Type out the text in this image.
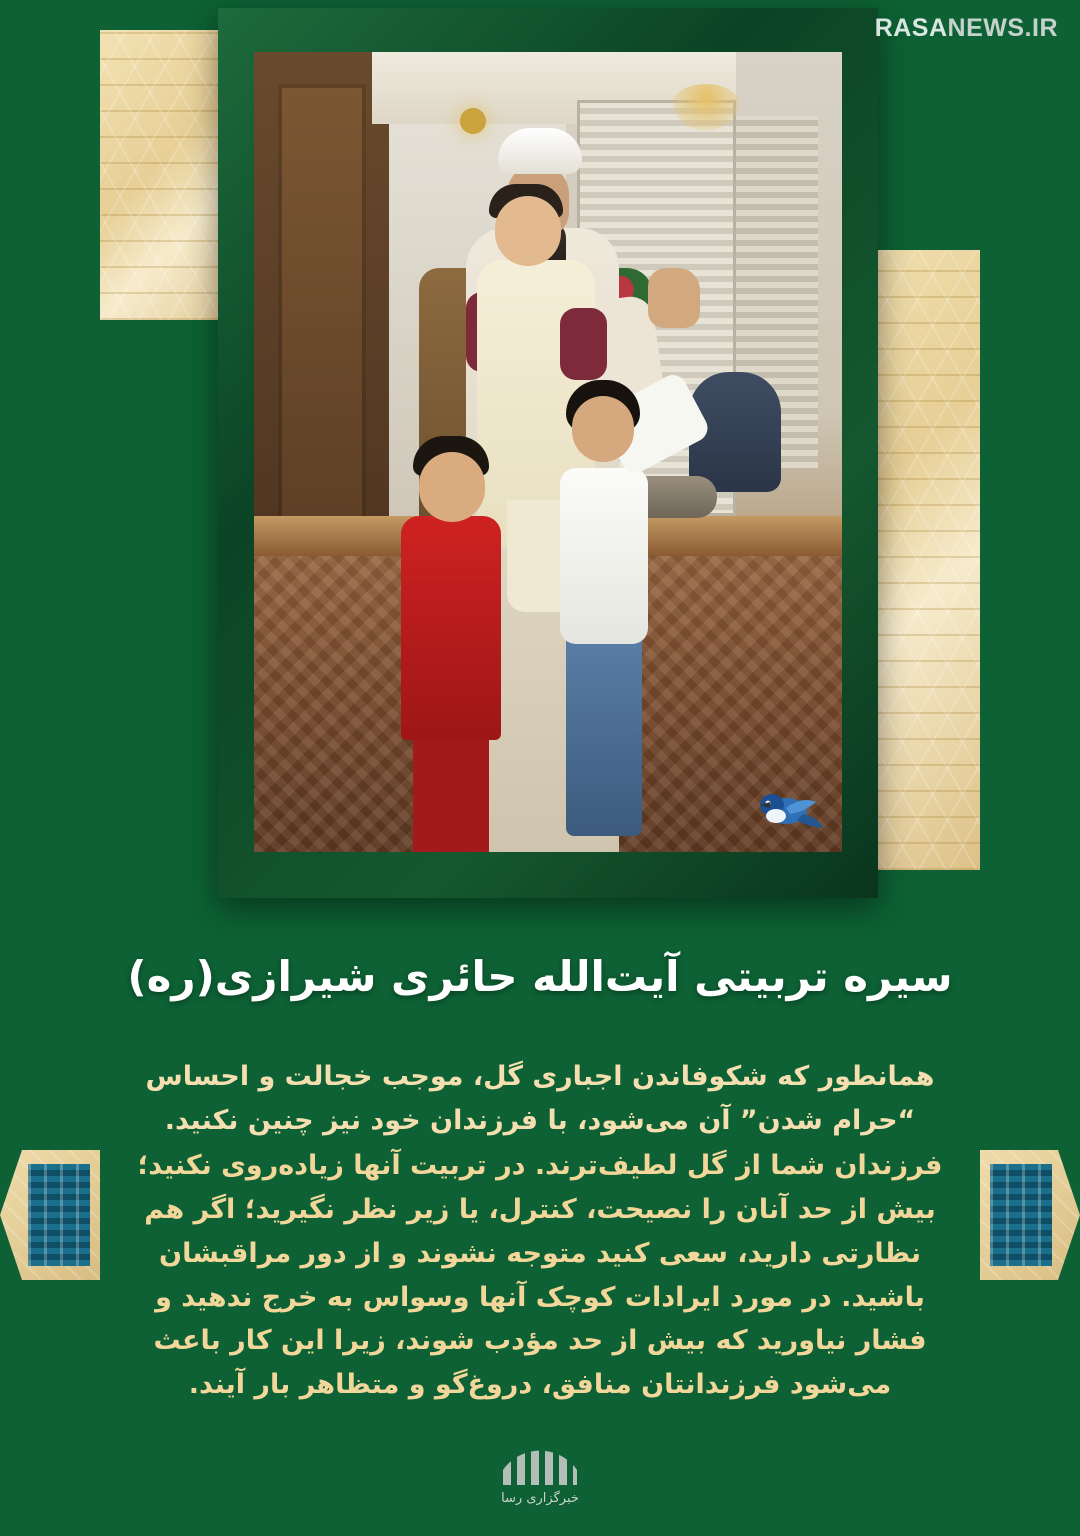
RASANEWS.IR
سیره تربیتی آیت‌الله حائری شیرازی(ره)

همانطور که شکوفاندن اجباری گل، موجب خجالت و احساس “حرام شدن” آن می‌شود، با فرزندان خود نیز چنین نکنید.

فرزندان شما از گل لطیف‌ترند. در تربیت آنها زیاده‌روی نکنید؛ بیش از حد آنان را نصیحت، کنترل، یا زیر نظر نگیرید؛ اگر هم نظارتی دارید، سعی کنید متوجه نشوند و از دور مراقبشان باشید. در مورد ایرادات کوچک آنها وسواس به خرج ندهید و فشار نیاورید که بیش از حد مؤدب شوند، زیرا این کار باعث می‌شود فرزندانتان منافق، دروغ‌گو و متظاهر بار آیند.

خبرگزاری رسا
